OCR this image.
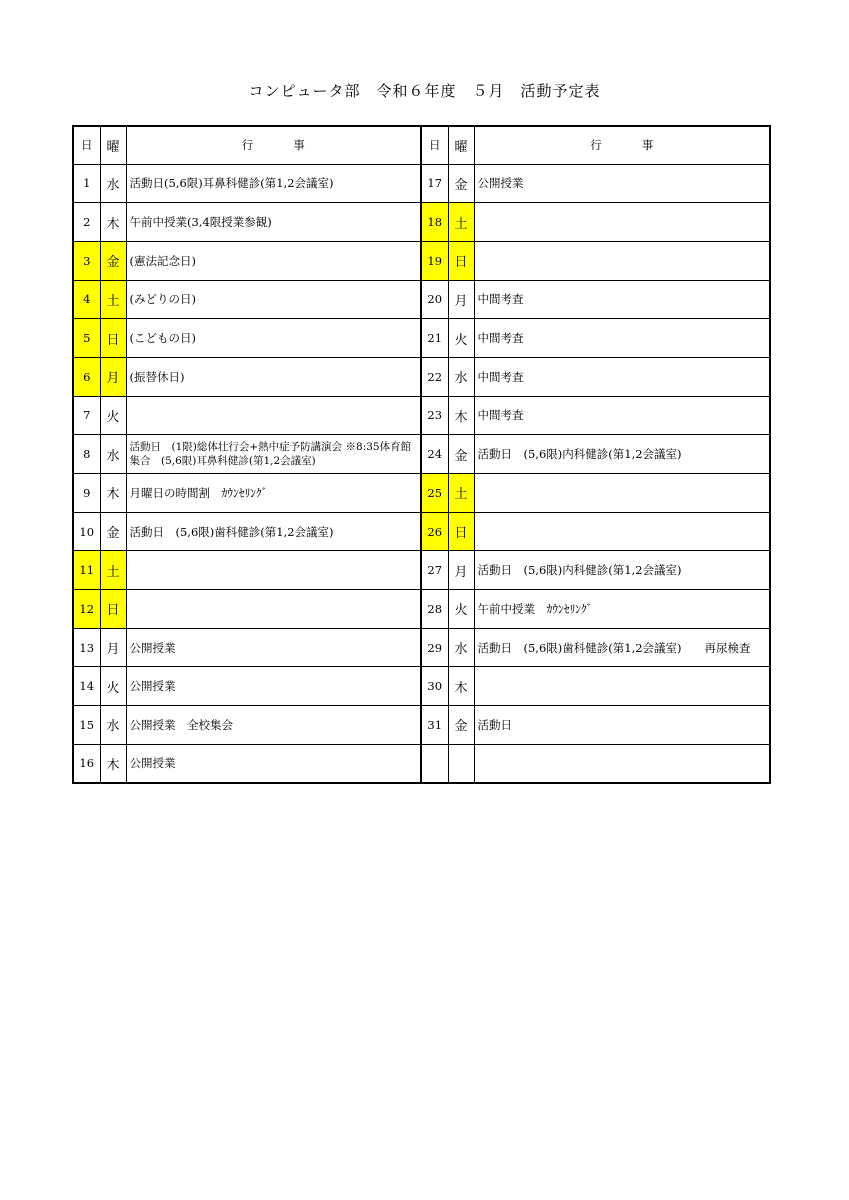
コンピュータ部　令和６年度　５月　活動予定表
日	曜	行事	日	曜	行事
1	水	活動日(5,6限)耳鼻科健診(第1,2会議室)	17	金	公開授業
2	木	午前中授業(3,4限授業参観)	18	土	
3	金	(憲法記念日)	19	日	
4	土	(みどりの日)	20	月	中間考査
5	日	(こどもの日)	21	火	中間考査
6	月	(振替休日)	22	水	中間考査
7	火		23	木	中間考査
8	水	活動日　(1限)総体壮行会+熱中症予防講演会 ※8:35体育館集合　(5,6限)耳鼻科健診(第1,2会議室)	24	金	活動日　(5,6限)内科健診(第1,2会議室)
9	木	月曜日の時間割　ｶｳﾝｾﾘﾝｸﾞ	25	土	
10	金	活動日　(5,6限)歯科健診(第1,2会議室)	26	日	
11	土		27	月	活動日　(5,6限)内科健診(第1,2会議室)
12	日		28	火	午前中授業　ｶｳﾝｾﾘﾝｸﾞ
13	月	公開授業	29	水	活動日　(5,6限)歯科健診(第1,2会議室)　　再尿検査
14	火	公開授業	30	木	
15	水	公開授業　全校集会	31	金	活動日
16	木	公開授業			
